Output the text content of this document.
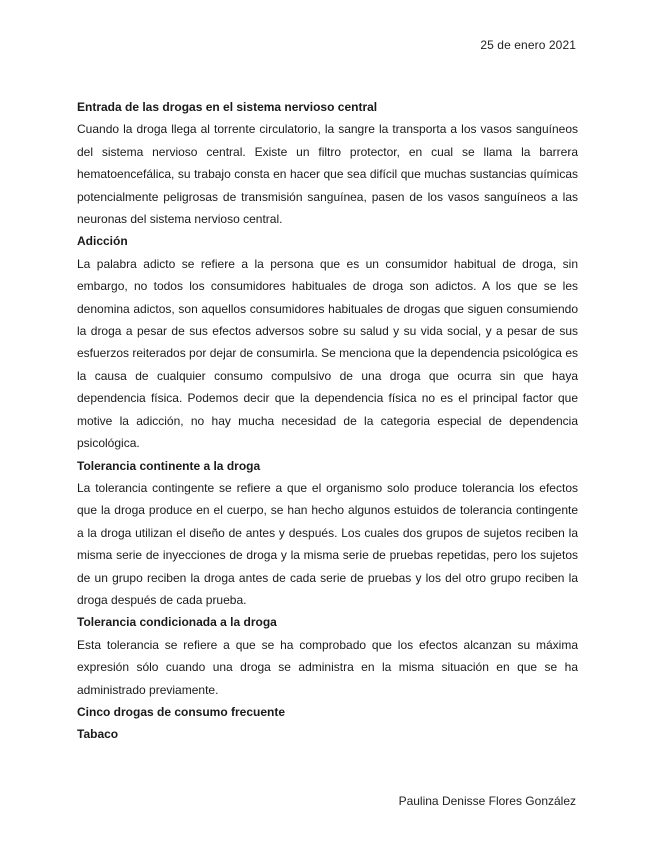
25 de enero 2021

Entrada de las drogas en el sistema nervioso central

Cuando la droga llega al torrente circulatorio, la sangre la transporta a los vasos sanguíneos del sistema nervioso central. Existe un filtro protector, en cual se llama la barrera hematoencefálica, su trabajo consta en hacer que sea difícil que muchas sustancias químicas potencialmente peligrosas de transmisión sanguínea, pasen de los vasos sanguíneos a las neuronas del sistema nervioso central.

Adicción

La palabra adicto se refiere a la persona que es un consumidor habitual de droga, sin embargo, no todos los consumidores habituales de droga son adictos. A los que se les denomina adictos, son aquellos consumidores habituales de drogas que siguen consumiendo la droga a pesar de sus efectos adversos sobre su salud y su vida social, y a pesar de sus esfuerzos reiterados por dejar de consumirla. Se menciona que la dependencia psicológica es la causa de cualquier consumo compulsivo de una droga que ocurra sin que haya dependencia física. Podemos decir que la dependencia física no es el principal factor que motive la adicción, no hay mucha necesidad de la categoria especial de dependencia psicológica.

Tolerancia continente a la droga

La tolerancia contingente se refiere a que el organismo solo produce tolerancia los efectos que la droga produce en el cuerpo, se han hecho algunos estuidos de tolerancia contingente a la droga utilizan el diseño de antes y después. Los cuales dos grupos de sujetos reciben la misma serie de inyecciones de droga y la misma serie de pruebas repetidas, pero los sujetos de un grupo reciben la droga antes de cada serie de pruebas y los del otro grupo reciben la droga después de cada prueba.

Tolerancia condicionada a la droga

Esta tolerancia se refiere a que se ha comprobado que los efectos alcanzan su máxima expresión sólo cuando una droga se administra en la misma situación en que se ha administrado previamente.

Cinco drogas de consumo frecuente

Tabaco

Paulina Denisse Flores González
